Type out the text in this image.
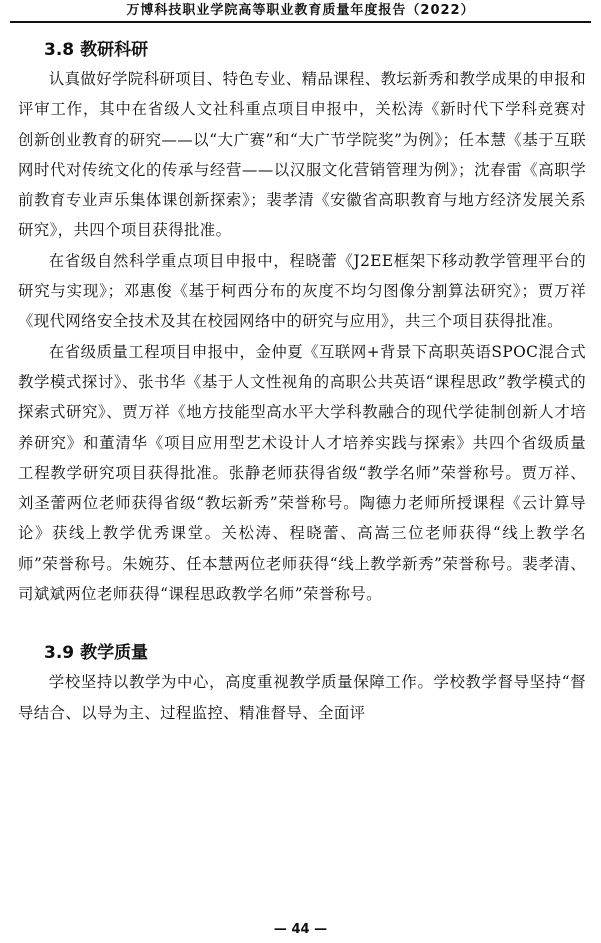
万博科技职业学院高等职业教育质量年度报告（2022）
3.8 教研科研

认真做好学院科研项目、特色专业、精品课程、教坛新秀和教学成果的申报和评审工作，其中在省级人文社科重点项目申报中，关松涛《新时代下学科竞赛对创新创业教育的研究——以“大广赛”和“大广节学院奖”为例》；任本慧《基于互联网时代对传统文化的传承与经营——以汉服文化营销管理为例》；沈春雷《高职学前教育专业声乐集体课创新探索》；裴孝清《安徽省高职教育与地方经济发展关系研究》，共四个项目获得批准。

在省级自然科学重点项目申报中，程晓蕾《J2EE框架下移动教学管理平台的研究与实现》；邓惠俊《基于柯西分布的灰度不均匀图像分割算法研究》；贾万祥《现代网络安全技术及其在校园网络中的研究与应用》，共三个项目获得批准。

在省级质量工程项目申报中，金仲夏《互联网+背景下高职英语SPOC混合式教学模式探讨》、张书华《基于人文性视角的高职公共英语“课程思政”教学模式的探索式研究》、贾万祥《地方技能型高水平大学科教融合的现代学徒制创新人才培养研究》和董清华《项目应用型艺术设计人才培养实践与探索》共四个省级质量工程教学研究项目获得批准。张静老师获得省级“教学名师”荣誉称号。贾万祥、刘圣蕾两位老师获得省级“教坛新秀”荣誉称号。陶德力老师所授课程《云计算导论》获线上教学优秀课堂。关松涛、程晓蕾、高嵩三位老师获得“线上教学名师”荣誉称号。朱婉芬、任本慧两位老师获得“线上教学新秀”荣誉称号。裴孝清、司斌斌两位老师获得“课程思政教学名师”荣誉称号。

3.9 教学质量

学校坚持以教学为中心，高度重视教学质量保障工作。学校教学督导坚持“督导结合、以导为主、过程监控、精准督导、全面评

— 44 —
